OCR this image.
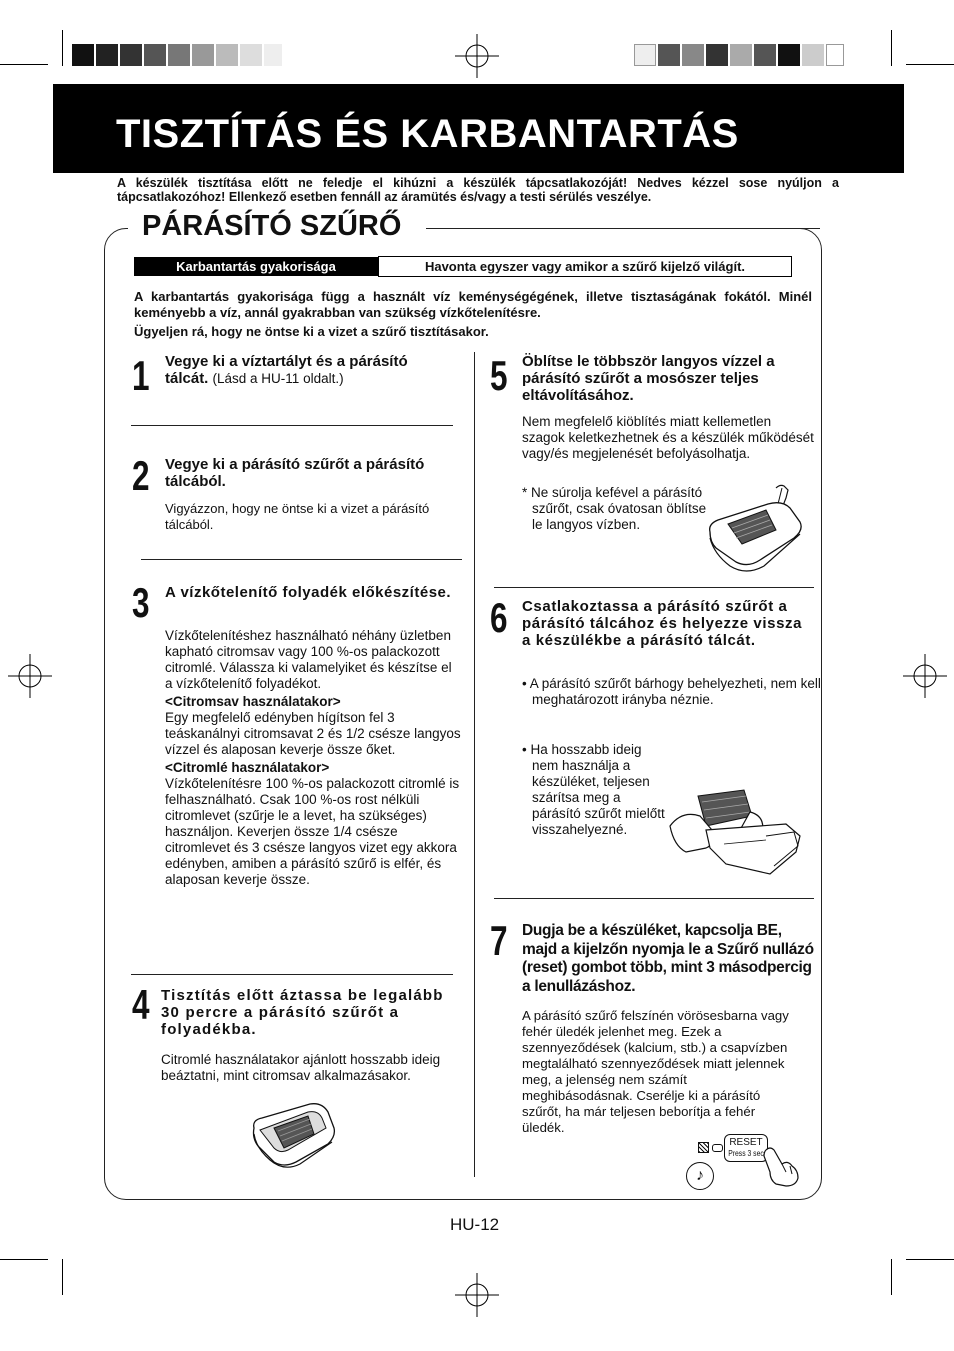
TISZTÍTÁS ÉS KARBANTARTÁS
A készülék tisztítása előtt ne feledje el kihúzni a készülék tápcsatlakozóját! Nedves kézzel sose nyúljon a tápcsatlakozóhoz! Ellenkező esetben fennáll az áramütés és/vagy a testi sérülés veszélye.
PÁRÁSÍTÓ SZŰRŐ
Karbantartás gyakorisága	Havonta egyszer vagy amikor a szűrő kijelző világít.
A karbantartás gyakorisága függ a használt víz keménységégének, illetve tisztaságának fokától. Minél keményebb a víz, annál gyakrabban van szükség vízkőtelenítésre.
Ügyeljen rá, hogy ne öntse ki a vizet a szűrő tisztításakor.
1 Vegye ki a víztartályt és a párásító tálcát. (Lásd a HU-11 oldalt.)
2 Vegye ki a párásító szűrőt a párásító tálcából.
Vigyázzon, hogy ne öntse ki a vizet a párásító tálcából.
3 A vízkőtelenítő folyadék előkészítése.
Vízkőtelenítéshez használható néhány üzletben kapható citromsav vagy 100 %-os palackozott citromlé. Válassza ki valamelyiket és készítse el a vízkőtelenítő folyadékot.
<Citromsav használatakor>
Egy megfelelő edényben hígítson fel 3 teáskanálnyi citromsavat 2 és 1/2 csésze langyos vízzel és alaposan keverje össze őket.
<Citromlé használatakor>
Vízkőtelenítésre 100 %-os palackozott citromlé is felhasználható. Csak 100 %-os rost nélküli citromlevet (szűrje le a levet, ha szükséges) használjon. Keverjen össze 1/4 csésze citromlevet és 3 csésze langyos vizet egy akkora edényben, amiben a párásító szűrő is elfér, és alaposan keverje össze.
4 Tisztítás előtt áztassa be legalább 30 percre a párásító szűrőt a folyadékba.
Citromlé használatakor ajánlott hosszabb ideig beáztatni, mint citromsav alkalmazásakor.
5 Öblítse le többször langyos vízzel a párásító szűrőt a mosószer teljes eltávolításához.
Nem megfelelő kiöblítés miatt kellemetlen szagok keletkezhetnek és a készülék működését vagy/és megjelenését befolyásolhatja.
* Ne súrolja kefével a párásító szűrőt, csak óvatosan öblítse le langyos vízben.
6 Csatlakoztassa a párásító szűrőt a párásító tálcához és helyezze vissza a készülékbe a párásító tálcát.
• A párásító szűrőt bárhogy behelyezheti, nem kell meghatározott irányba néznie.
• Ha hosszabb ideig nem használja a készüléket, teljesen szárítsa meg a párásító szűrőt mielőtt visszahelyezné.
7 Dugja be a készüléket, kapcsolja BE, majd a kijelzőn nyomja le a Szűrő nullázó (reset) gombot több, mint 3 másodpercig a lenullázáshoz.
A párásító szűrő felszínén vörösesbarna vagy fehér üledék jelenhet meg. Ezek a szennyeződések (kalcium, stb.) a csapvízben megtalálható szennyeződések miatt jelennek meg, a jelenség nem számít meghibásodásnak. Cserélje ki a párásító szűrőt, ha már teljesen beborítja a fehér üledék.
RESET
Press 3 sec
♪
HU-12
